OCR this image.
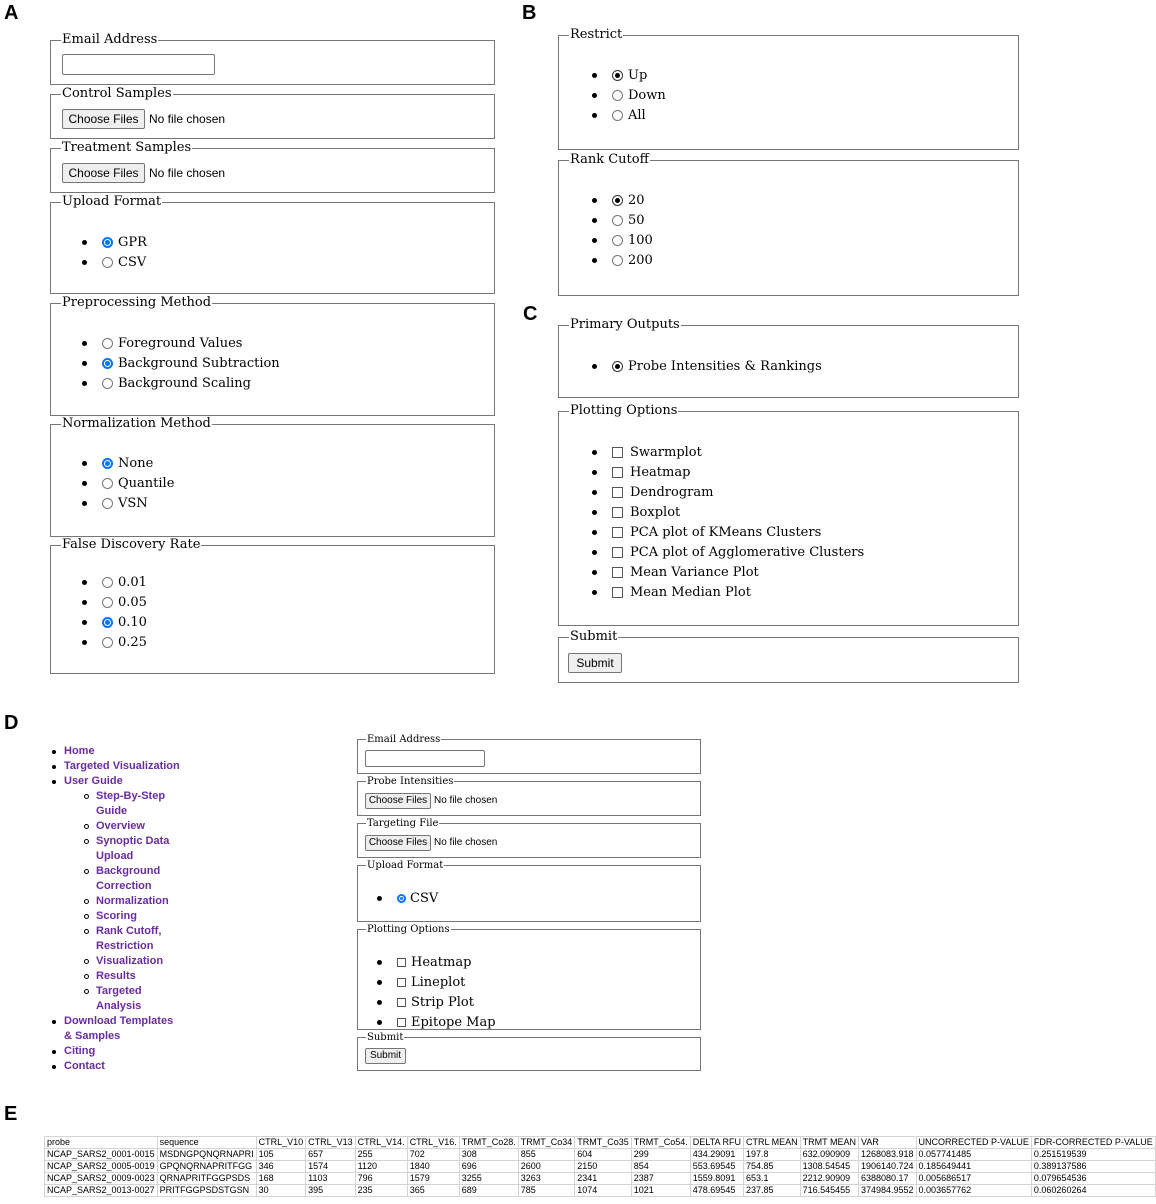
A	B
C
D
E
Email Address
Control Samples
Choose Files No file chosen
Treatment Samples
Choose Files No file chosen
Upload Format
GPR
CSV
Preprocessing Method
Foreground Values
Background Subtraction
Background Scaling
Normalization Method
None
Quantile
VSN
False Discovery Rate
0.01
0.05
0.10
0.25
Restrict
Up
Down
All
Rank Cutoff
20
50
100
200
Primary Outputs
Probe Intensities & Rankings
Plotting Options
Swarmplot
Heatmap
Dendrogram
Boxplot
PCA plot of KMeans Clusters
PCA plot of Agglomerative Clusters
Mean Variance Plot
Mean Median Plot
Submit
Submit
Home
Targeted Visualization
User Guide
Step-By-Step
Guide
Overview
Synoptic Data
Upload
Background
Correction
Normalization
Scoring
Rank Cutoff,
Restriction
Visualization
Results
Targeted
Analysis
Download Templates
& Samples
Citing
Contact
Email Address
Probe Intensities
Choose Files No file chosen
Targeting File
Choose Files No file chosen
Upload Format
CSV
Plotting Options
Heatmap
Lineplot
Strip Plot
Epitope Map
Submit
Submit
probe	sequence	CTRL_V10	CTRL_V13	CTRL_V14.	CTRL_V16.	TRMT_Co28.	TRMT_Co34	TRMT_Co35	TRMT_Co54.	DELTA RFU	CTRL MEAN	TRMT MEAN	VAR	UNCORRECTED P-VALUE	FDR-CORRECTED P-VALUE
NCAP_SARS2_0001-0015	MSDNGPQNQRNAPRI	105	657	255	702	308	855	604	299	434.29091	197.8	632.090909	1268083.918	0.057741485	0.251519539
NCAP_SARS2_0005-0019	GPQNQRNAPRITFGG	346	1574	1120	1840	696	2600	2150	854	553.69545	754.85	1308.54545	1906140.724	0.185649441	0.389137586
NCAP_SARS2_0009-0023	QRNAPRITFGGPSDS	168	1103	796	1579	3255	3263	2341	2387	1559.8091	653.1	2212.90909	6388080.17	0.005686517	0.079654536
NCAP_SARS2_0013-0027	PRITFGGPSDSTGSN	30	395	235	365	689	785	1074	1021	478.69545	237.85	716.545455	374984.9552	0.003657762	0.060260264
